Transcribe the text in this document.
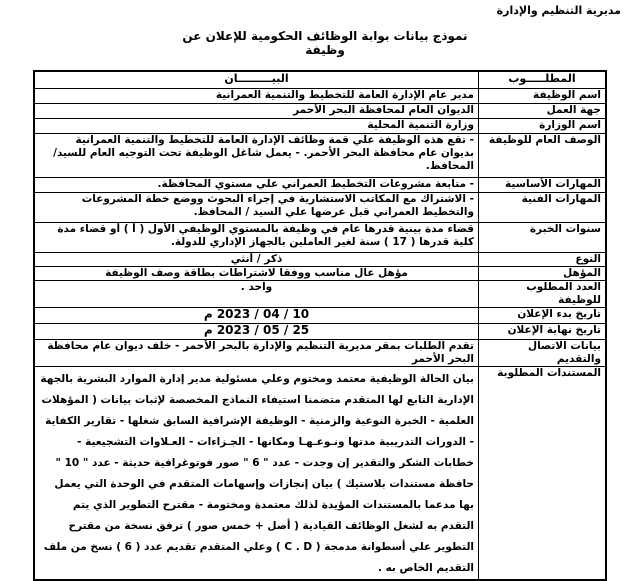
مديرية التنظيم والإدارة
نموذج بيانات بوابة الوظائف الحكومية للإعلان عن وظيفة
المطلـــــوب	البيـــــــــان
اسم الوظيفة	مدير عام الإدارة العامة للتخطيط والتنمية العمرانية
جهة العمل	الديوان العام لمحافظة البحر الأحمر
اسم الوزارة	وزارة التنمية المحلية
الوصف العام للوظيفة	- تقع هذه الوظيفة علي قمة وظائف الإدارة العامة للتخطيط والتنمية العمرانية بديوان عام محافظة البحر الأحمر. - يعمل شاغل الوظيفة تحت التوجيه العام للسيد/ المحافظ.
المهارات الأساسية	- متابعة مشروعات التخطيط العمراني علي مستوي المحافظة.
المهارات الفنية	- الاشتراك مع المكاتب الاستشارية في إجراء البحوث ووضع خطة المشروعات والتخطيط العمراني قبل عرضها علي السيد / المحافظ.
سنوات الخبرة	قضاء مدة بينية قدرها عام في وظيفة بالمستوي الوظيفي الأول ( أ ) أو قضاء مدة كلية قدرها ( 17 ) سنة لغير العاملين بالجهاز الإداري للدولة.
النوع	ذكر / أنثي
المؤهل	مؤهل عال مناسب ووفقا لاشتراطات بطاقة وصف الوظيفة
العدد المطلوب للوظيفة	واحد .
تاريخ بدء الإعلان	10 / 04 / 2023 م
تاريخ نهاية الإعلان	25 / 05 / 2023 م
بيانات الاتصال والتقديم	تقدم الطلبات بمقر مديرية التنظيم والإدارة بالبحر الأحمر - خلف ديوان عام محافظة البحر الأحمر
المستندات المطلوبة	بيان الحالة الوظيفية معتمد ومختوم وعلي مسئولية مدير إدارة الموارد البشرية بالجهة الإدارية التابع لها المتقدم متضمنا استيفاء النماذج المخصصة لإثبات بيانات ( المؤهلات العلمية - الخبرة النوعية والزمنية - الوظيفة الإشرافية السابق شغلها - تقارير الكفاية - الدورات التدريبية مدتها ونـوعـهـا ومكانها - الجـزاءات - العـلاوات التشجيعية - خطابات الشكر والتقدير إن وجدت - عدد " 6 " صور فوتوغرافية حديثة - عدد " 10 " حافظة مستندات بلاستيك ) بيان إنجازات وإسهامات المتقدم في الوحدة التي يعمل بها مدعما بالمستندات المؤيدة لذلك معتمدة ومختومة - مقترح التطوير الذي يتم التقدم به لشغل الوظائف القيادية ( أصل + خمس صور ) ترفق نسخة من مقترح التطوير علي أسطوانة مدمجة ( C . D ) وعلي المتقدم تقديم عدد ( 6 ) نسخ من ملف التقديم الخاص به .
